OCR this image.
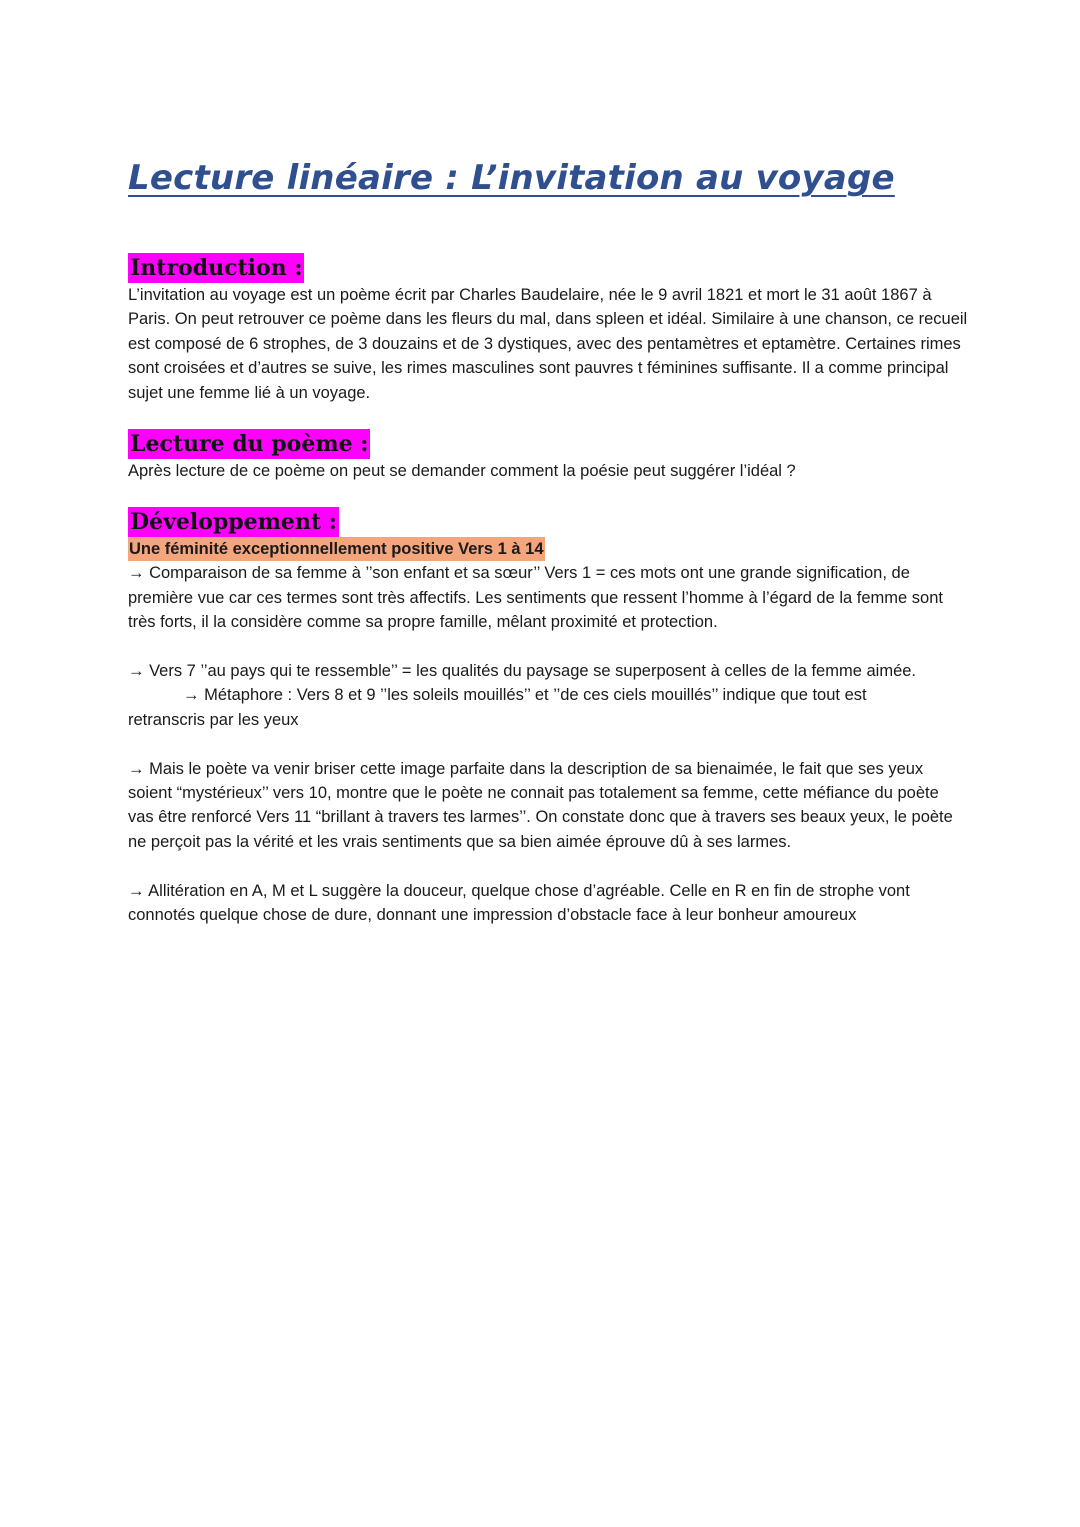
Lecture linéaire : L’invitation au voyage
Introduction :

L’invitation au voyage est un poème écrit par Charles Baudelaire, née le 9 avril 1821 et mort le 31 août 1867 à Paris. On peut retrouver ce poème dans les fleurs du mal, dans spleen et idéal. Similaire à une chanson, ce recueil est composé de 6 strophes, de 3 douzains et de 3 dystiques, avec des pentamètres et eptamètre. Certaines rimes sont croisées et d’autres se suive, les rimes masculines sont pauvres t féminines suffisante. Il a comme principal sujet une femme lié à un voyage.

Lecture du poème :

Après lecture de ce poème on peut se demander comment la poésie peut suggérer l’idéal ?

Développement :
Une féminité exceptionnellement positive Vers 1 à 14

→ Comparaison de sa femme à ’’son enfant et sa sœur’’ Vers 1 = ces mots ont une grande signification, de première vue car ces termes sont très affectifs. Les sentiments que ressent l’homme à l’égard de la femme sont très forts, il la considère comme sa propre famille, mêlant proximité et protection.

→ Vers 7 ’’au pays qui te ressemble’’ = les qualités du paysage se superposent à celles de la femme aimée.

→ Métaphore : Vers 8 et 9 ’’les soleils mouillés’’ et ’’de ces ciels mouillés’’ indique que tout est

retranscris par les yeux

→ Mais le poète va venir briser cette image parfaite dans la description de sa bienaimée, le fait que ses yeux soient “mystérieux’’ vers 10, montre que le poète ne connait pas totalement sa femme, cette méfiance du poète vas être renforcé Vers 11 “brillant à travers tes larmes’’. On constate donc que à travers ses beaux yeux, le poète ne perçoit pas la vérité et les vrais sentiments que sa bien aimée éprouve dû à ses larmes.

→ Allitération en A, M et L suggère la douceur, quelque chose d’agréable. Celle en R en fin de strophe vont connotés quelque chose de dure, donnant une impression d’obstacle face à leur bonheur amoureux
